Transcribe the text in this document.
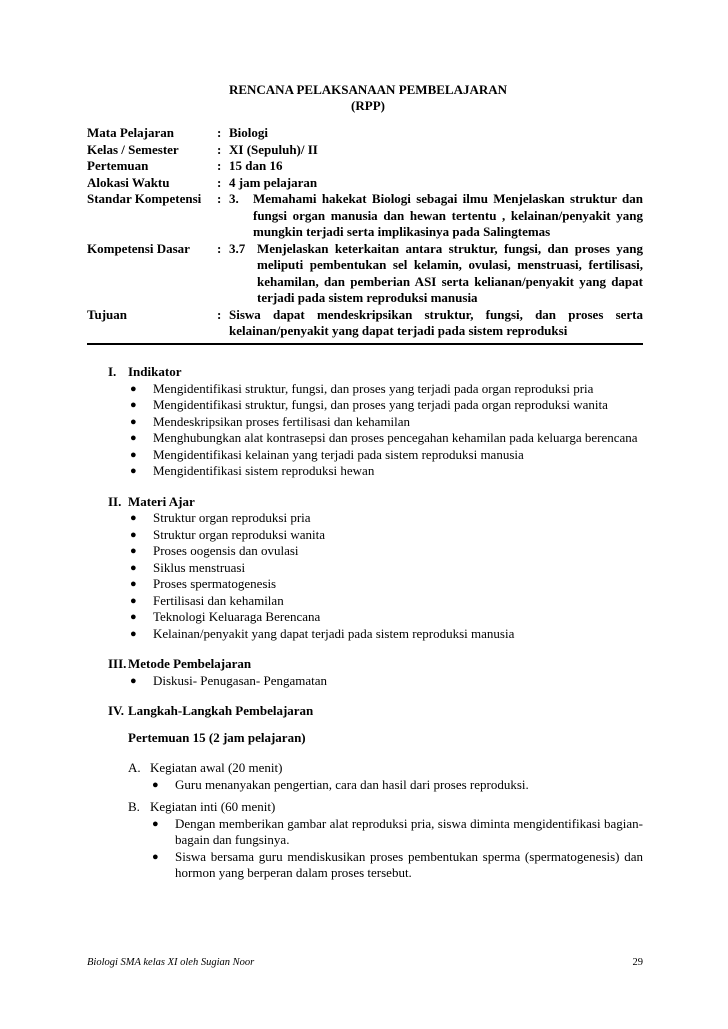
RENCANA PELAKSANAAN PEMBELAJARAN
(RPP)
Mata Pelajaran	: Biologi
Kelas / Semester	: XI (Sepuluh)/ II
Pertemuan	: 15 dan 16
Alokasi Waktu	: 4 jam pelajaran
Standar Kompetensi	: 3.	Memahami hakekat Biologi sebagai ilmu Menjelaskan struktur dan fungsi organ manusia dan hewan tertentu , kelainan/penyakit yang mungkin terjadi serta implikasinya pada Salingtemas
Kompetensi Dasar	: 3.7 Menjelaskan keterkaitan antara struktur, fungsi, dan proses yang meliputi pembentukan sel kelamin, ovulasi, menstruasi, fertilisasi, kehamilan, dan pemberian ASI serta kelianan/penyakit yang dapat terjadi pada sistem reproduksi manusia
Tujuan	: Siswa dapat mendeskripsikan struktur, fungsi, dan proses serta kelainan/penyakit yang dapat terjadi pada sistem reproduksi
I. Indikator
●	Mengidentifikasi struktur, fungsi, dan proses yang terjadi pada organ reproduksi pria
●	Mengidentifikasi struktur, fungsi, dan proses yang terjadi pada organ reproduksi wanita
●	Mendeskripsikan proses fertilisasi dan kehamilan
●	Menghubungkan alat kontrasepsi dan proses pencegahan kehamilan pada keluarga berencana
●	Mengidentifikasi kelainan yang terjadi pada sistem reproduksi manusia
●	Mengidentifikasi sistem reproduksi hewan
II. Materi Ajar
●	Struktur organ reproduksi pria
●	Struktur organ reproduksi wanita
●	Proses oogensis dan ovulasi
●	Siklus menstruasi
●	Proses spermatogenesis
●	Fertilisasi dan kehamilan
●	Teknologi Keluaraga Berencana
●	Kelainan/penyakit yang dapat terjadi pada sistem reproduksi manusia
III. Metode Pembelajaran
●	Diskusi- Penugasan- Pengamatan
IV. Langkah-Langkah Pembelajaran
Pertemuan 15 (2 jam pelajaran)
A. Kegiatan awal (20 menit)
●	Guru menanyakan pengertian, cara dan hasil dari proses reproduksi.
B. Kegiatan inti (60 menit)
●	Dengan memberikan gambar alat reproduksi pria, siswa diminta mengidentifikasi bagian-bagain dan fungsinya.
●	Siswa bersama guru mendiskusikan proses pembentukan sperma (spermatogenesis) dan hormon yang berperan dalam proses tersebut.
Biologi SMA kelas XI oleh Sugian Noor	29
